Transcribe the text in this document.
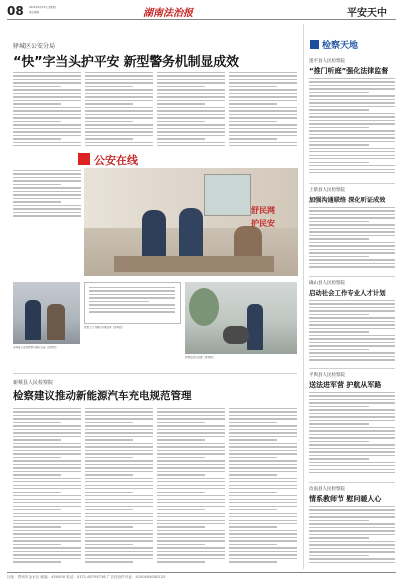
08 2020年8月13日 星期四
责任编辑：	湖南法治报	平安天中
驿城区公安分局
“快”字当头护平安 新型警务机制显成效
公安在线
舒民网
护民安
汝南县公安局民警与群众交流（资料图）
民警在街头巡逻（资料图）
民警上门为群众办理业务（资料图）
新蔡县人民检察院
检察建议推动新能源汽车充电规范管理
检察天地
遂平县人民检察院
“推门听庭”强化法律监督
上蔡县人民检察院
加强沟通联络 深化听证成效
确山县人民检察院
启动社会工作专业人才计划
平舆县人民检察院
送法进军营 护航从军路
汝南县人民检察院
情系教师节 慰问暖人心
社址：郑州市金水区 邮编：450000 电话：0371-65795736 广告经营许可证：4100004000125
